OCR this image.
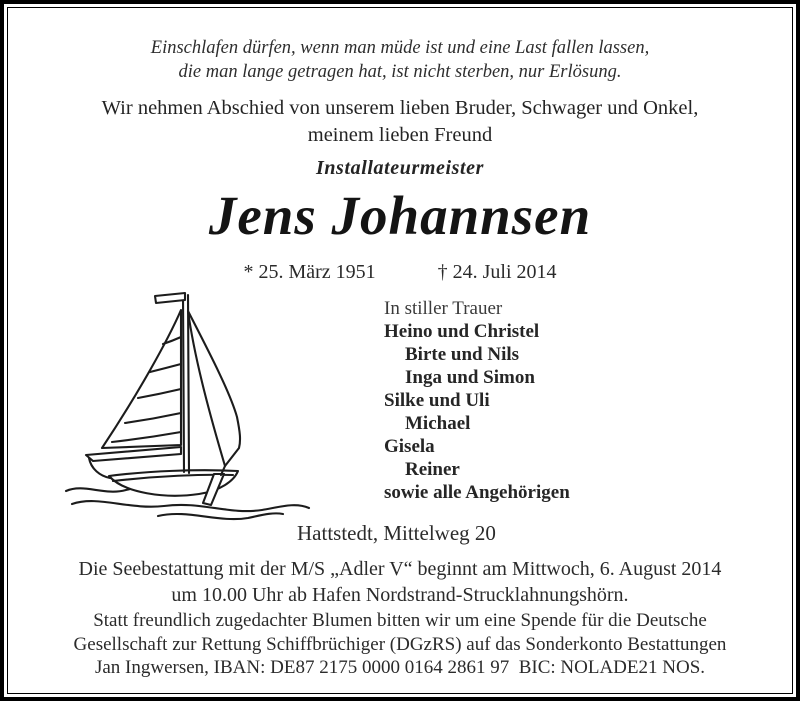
Einschlafen dürfen, wenn man müde ist und eine Last fallen lassen,
die man lange getragen hat, ist nicht sterben, nur Erlösung.
Wir nehmen Abschied von unserem lieben Bruder, Schwager und Onkel,
meinem lieben Freund
Installateurmeister
Jens Johannsen
* 25. März 1951	† 24. Juli 2014
In stiller Trauer
Heino und Christel
Birte und Nils
Inga und Simon
Silke und Uli
Michael
Gisela
Reiner
sowie alle Angehörigen
Hattstedt, Mittelweg 20
Die Seebestattung mit der M/S „Adler V“ beginnt am Mittwoch, 6. August 2014
um 10.00 Uhr ab Hafen Nordstrand-Strucklahnungshörn.
Statt freundlich zugedachter Blumen bitten wir um eine Spende für die Deutsche
Gesellschaft zur Rettung Schiffbrüchiger (DGzRS) auf das Sonderkonto Bestattungen
Jan Ingwersen, IBAN: DE87 2175 0000 0164 2861 97  BIC: NOLADE21 NOS.
